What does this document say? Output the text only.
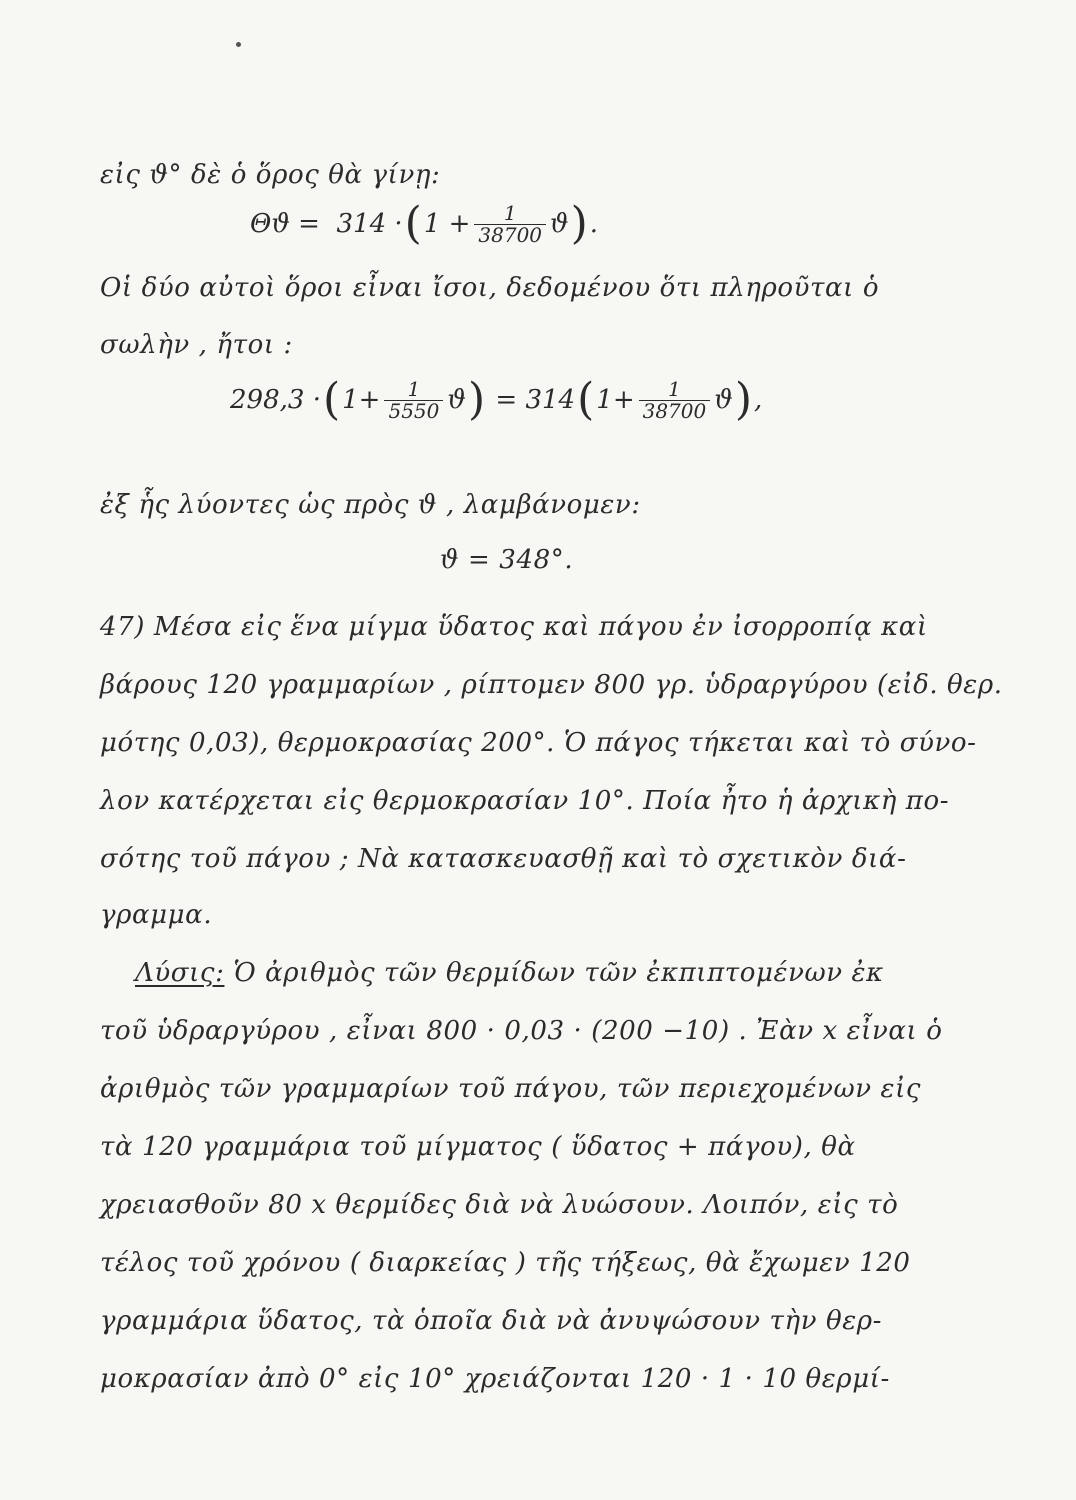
εἰς ϑ° δὲ ὁ ὅρος θὰ γίνῃ:
Θϑ =
314 · ( $1 + \frac{1}{38700}$ ϑ ) .
Οἱ δύο αὐτοὶ ὅροι εἶναι ἴσοι, δεδομένου ὅτι πληροῦται ὁ
σωλὴν , ἤτοι :
298,3 · ( $1+ \frac{1}{5550}$ ϑ )
=
314 ( $1+ \frac{1}{38700}$ ϑ ) ,
ἐξ ἧς λύοντες ὡς πρὸς ϑ , λαμβάνομεν:
ϑ = 348°.
47) Μέσα εἰς ἕνα μίγμα ὕδατος καὶ πάγου ἐν ἰσορροπίᾳ καὶ
βάρους 120 γραμμαρίων , ρίπτομεν 800 γρ. ὑδραργύρου (εἰδ. θερ.
μότης 0,03), θερμοκρασίας 200°. Ὁ πάγος τήκεται καὶ τὸ σύνο-
λον κατέρχεται εἰς θερμοκρασίαν 10°. Ποία ἦτο ἡ ἀρχικὴ πο-
σότης τοῦ πάγου ; Νὰ κατασκευασθῇ καὶ τὸ σχετικὸν διά-
γραμμα.
Λύσις: Ὁ ἀριθμὸς τῶν θερμίδων τῶν ἐκπιπτομένων ἐκ
τοῦ ὑδραργύρου , εἶναι 800 · 0,03 · (200 −10) . Ἐὰν x εἶναι ὁ
ἀριθμὸς τῶν γραμμαρίων τοῦ πάγου, τῶν περιεχομένων εἰς
τὰ 120 γραμμάρια τοῦ μίγματος ( ὕδατος + πάγου), θὰ
χρειασθοῦν 80 x θερμίδες διὰ νὰ λυώσουν. Λοιπόν, εἰς τὸ
τέλος τοῦ χρόνου ( διαρκείας ) τῆς τήξεως, θὰ ἔχωμεν 120
γραμμάρια ὕδατος, τὰ ὁποῖα διὰ νὰ ἀνυψώσουν τὴν θερ-
μοκρασίαν ἀπὸ 0° εἰς 10° χρειάζονται 120 · 1 · 10 θερμί-
